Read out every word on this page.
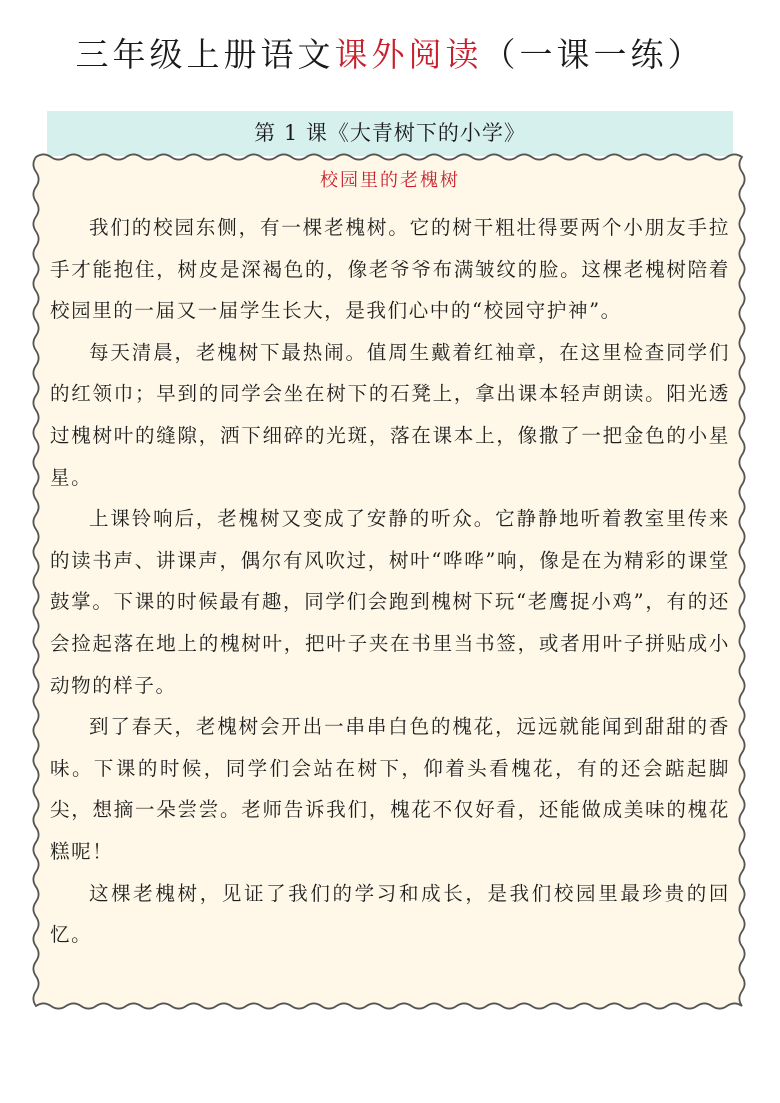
三年级上册语文课外阅读（一课一练）
第 1 课《大青树下的小学》
校园里的老槐树

我们的校园东侧，有一棵老槐树。它的树干粗壮得要两个小朋友手拉手才能抱住，树皮是深褐色的，像老爷爷布满皱纹的脸。这棵老槐树陪着校园里的一届又一届学生长大，是我们心中的“校园守护神”。

每天清晨，老槐树下最热闹。值周生戴着红袖章，在这里检查同学们的红领巾；早到的同学会坐在树下的石凳上，拿出课本轻声朗读。阳光透过槐树叶的缝隙，洒下细碎的光斑，落在课本上，像撒了一把金色的小星星。

上课铃响后，老槐树又变成了安静的听众。它静静地听着教室里传来的读书声、讲课声，偶尔有风吹过，树叶“哗哗”响，像是在为精彩的课堂鼓掌。下课的时候最有趣，同学们会跑到槐树下玩“老鹰捉小鸡”，有的还会捡起落在地上的槐树叶，把叶子夹在书里当书签，或者用叶子拼贴成小动物的样子。

到了春天，老槐树会开出一串串白色的槐花，远远就能闻到甜甜的香味。下课的时候，同学们会站在树下，仰着头看槐花，有的还会踮起脚尖，想摘一朵尝尝。老师告诉我们，槐花不仅好看，还能做成美味的槐花糕呢！

这棵老槐树，见证了我们的学习和成长，是我们校园里最珍贵的回忆。
